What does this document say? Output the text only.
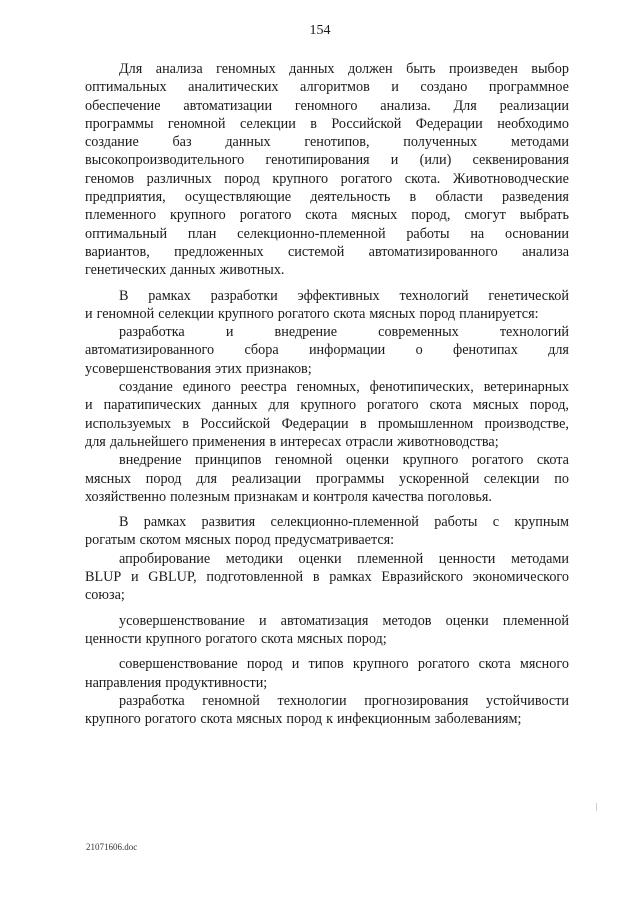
154
Для анализа геномных данных должен быть произведен выбор
оптимальных аналитических алгоритмов и создано программное
обеспечение автоматизации геномного анализа. Для реализации
программы геномной селекции в Российской Федерации необходимо
создание баз данных генотипов, полученных методами
высокопроизводительного генотипирования и (или) секвенирования
геномов различных пород крупного рогатого скота. Животноводческие
предприятия, осуществляющие деятельность в области разведения
племенного крупного рогатого скота мясных пород, смогут выбрать
оптимальный план селекционно-племенной работы на основании
вариантов, предложенных системой автоматизированного анализа
генетических данных животных.
В рамках разработки эффективных технологий генетической
и геномной селекции крупного рогатого скота мясных пород планируется:
разработка	и	внедрение	современных	технологий
автоматизированного сбора информации о фенотипах для
усовершенствования этих признаков;
создание единого реестра геномных, фенотипических, ветеринарных
и паратипических данных для крупного рогатого скота мясных пород,
используемых в Российской Федерации в промышленном производстве,
для дальнейшего применения в интересах отрасли животноводства;
внедрение принципов геномной оценки крупного рогатого скота
мясных пород для реализации программы ускоренной селекции по
хозяйственно полезным признакам и контроля качества поголовья.
В рамках развития селекционно-племенной работы с крупным
рогатым скотом мясных пород предусматривается:
апробирование методики оценки племенной ценности методами
BLUP и GBLUP, подготовленной в рамках Евразийского экономического
союза;
усовершенствование и автоматизация методов оценки племенной
ценности крупного рогатого скота мясных пород;
совершенствование пород и типов крупного рогатого скота мясного
направления продуктивности;
разработка геномной технологии прогнозирования устойчивости
крупного рогатого скота мясных пород к инфекционным заболеваниям;
21071606.doc
